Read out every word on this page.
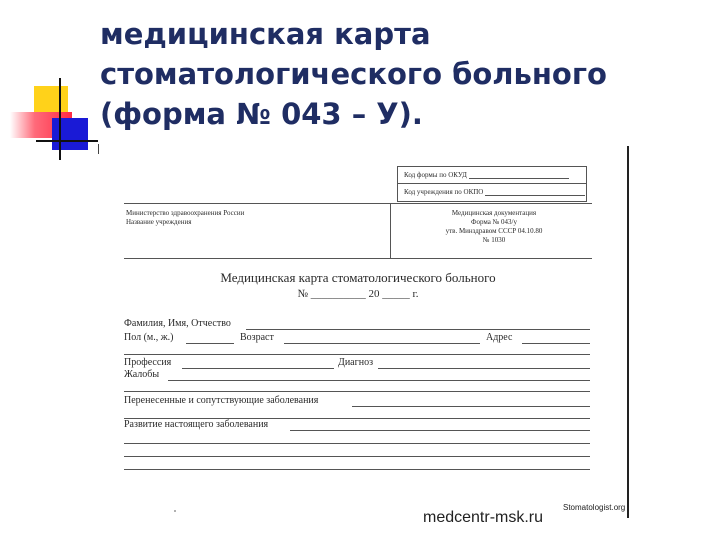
медицинская карта
стоматологического больного
(форма № 043 – У).
Код формы по ОКУД
Код учреждения по ОКПО
Министерство здравоохранения России
Название учреждения
Медицинская документация
Форма № 043/у
утв. Минздравом СССР 04.10.80
№ 1030
Медицинская карта стоматологического больного
№ __________ 20 _____ г.
Фамилия, Имя, Отчество
Пол (м., ж.)	Возраст	Адрес
Профессия	Диагноз
Жалобы
Перенесенные и сопутствующие заболевания
Развитие настоящего заболевания
medcentr-msk.ru
Stomatologist.org
